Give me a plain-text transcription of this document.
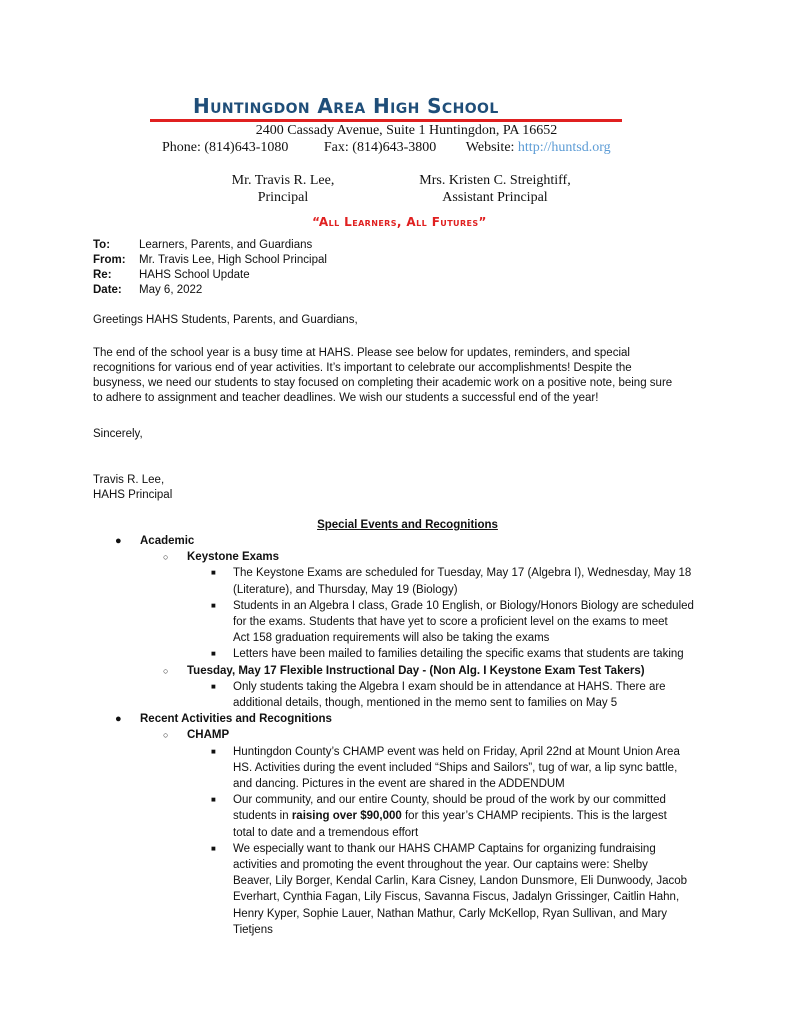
Huntingdon Area High School
2400 Cassady Avenue, Suite 1 Huntingdon, PA 16652
Phone: (814)643-1080	Fax: (814)643-3800 Website: http://huntsd.org
Mr. Travis R. Lee,
Principal
Mrs. Kristen C. Streightiff,
Assistant Principal
“All Learners, All Futures”
To:	Learners, Parents, and Guardians
From: Mr. Travis Lee, High School Principal
Re: HAHS School Update
Date: May 6, 2022
Greetings HAHS Students, Parents, and Guardians,
The end of the school year is a busy time at HAHS. Please see below for updates, reminders, and special
recognitions for various end of year activities. It’s important to celebrate our accomplishments! Despite the
busyness, we need our students to stay focused on completing their academic work on a positive note, being sure
to adhere to assignment and teacher deadlines. We wish our students a successful end of the year!
Sincerely,
Travis R. Lee,
HAHS Principal
Special Events and Recognitions
● Academic
○ Keystone Exams
■ The Keystone Exams are scheduled for Tuesday, May 17 (Algebra I), Wednesday, May 18
(Literature), and Thursday, May 19 (Biology)
■ Students in an Algebra I class, Grade 10 English, or Biology/Honors Biology are scheduled
for the exams. Students that have yet to score a proficient level on the exams to meet
Act 158 graduation requirements will also be taking the exams
■ Letters have been mailed to families detailing the specific exams that students are taking
○ Tuesday, May 17 Flexible Instructional Day - (Non Alg. I Keystone Exam Test Takers)
■ Only students taking the Algebra I exam should be in attendance at HAHS. There are
additional details, though, mentioned in the memo sent to families on May 5
● Recent Activities and Recognitions
○ CHAMP
■ Huntingdon County’s CHAMP event was held on Friday, April 22nd at Mount Union Area
HS. Activities during the event included “Ships and Sailors”, tug of war, a lip sync battle,
and dancing. Pictures in the event are shared in the ADDENDUM
■ Our community, and our entire County, should be proud of the work by our committed
students in raising over $90,000 for this year’s CHAMP recipients. This is the largest
total to date and a tremendous effort
■ We especially want to thank our HAHS CHAMP Captains for organizing fundraising
activities and promoting the event throughout the year. Our captains were: Shelby
Beaver, Lily Borger, Kendal Carlin, Kara Cisney, Landon Dunsmore, Eli Dunwoody, Jacob
Everhart, Cynthia Fagan, Lily Fiscus, Savanna Fiscus, Jadalyn Grissinger, Caitlin Hahn,
Henry Kyper, Sophie Lauer, Nathan Mathur, Carly McKellop, Ryan Sullivan, and Mary
Tietjens
